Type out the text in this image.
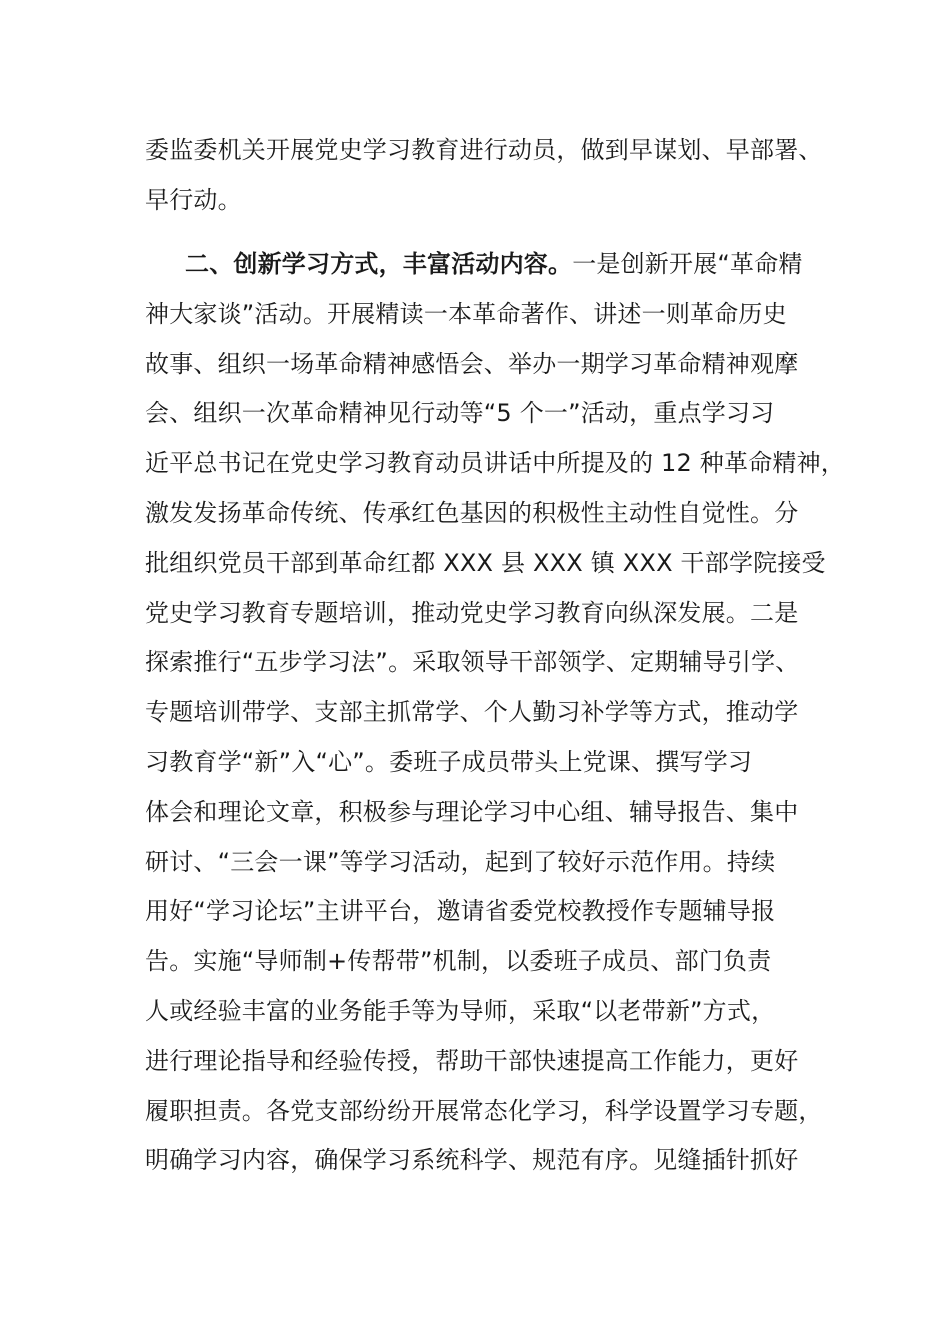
委监委机关开展党史学习教育进行动员，做到早谋划、早部署、
早行动。
二、创新学习方式，丰富活动内容。一是创新开展“革命精
神大家谈”活动。开展精读一本革命著作、讲述一则革命历史
故事、组织一场革命精神感悟会、举办一期学习革命精神观摩
会、组织一次革命精神见行动等“5 个一”活动，重点学习习
近平总书记在党史学习教育动员讲话中所提及的 12 种革命精神，
激发发扬革命传统、传承红色基因的积极性主动性自觉性。分
批组织党员干部到革命红都 XXX 县 XXX 镇 XXX 干部学院接受
党史学习教育专题培训，推动党史学习教育向纵深发展。二是
探索推行“五步学习法”。采取领导干部领学、定期辅导引学、
专题培训带学、支部主抓常学、个人勤习补学等方式，推动学
习教育学“新”入“心”。委班子成员带头上党课、撰写学习
体会和理论文章，积极参与理论学习中心组、辅导报告、集中
研讨、“三会一课”等学习活动，起到了较好示范作用。持续
用好“学习论坛”主讲平台，邀请省委党校教授作专题辅导报
告。实施“导师制+传帮带”机制，以委班子成员、部门负责
人或经验丰富的业务能手等为导师，采取“以老带新”方式，
进行理论指导和经验传授，帮助干部快速提高工作能力，更好
履职担责。各党支部纷纷开展常态化学习，科学设置学习专题，
明确学习内容，确保学习系统科学、规范有序。见缝插针抓好
